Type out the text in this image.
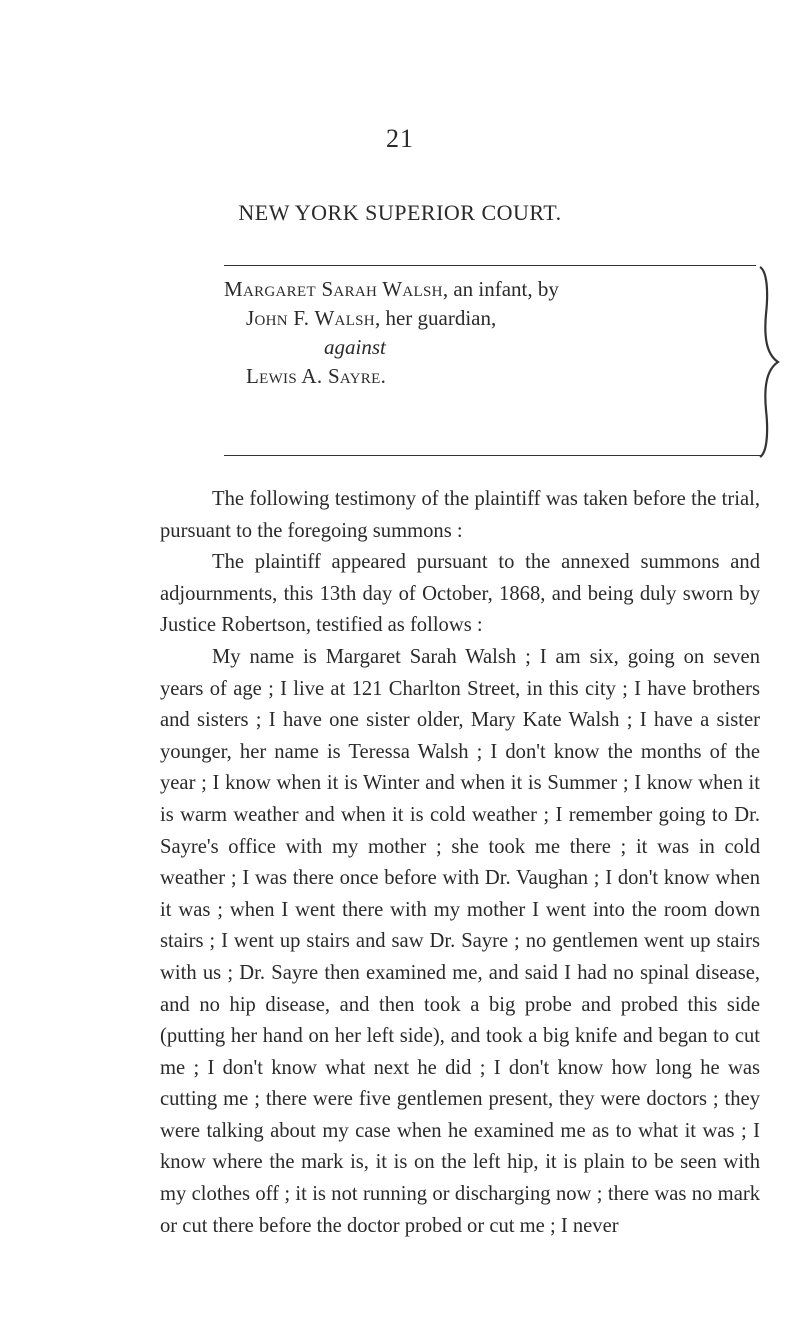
21
NEW YORK SUPERIOR COURT.
Margaret Sarah Walsh, an infant, by
John F. Walsh, her guardian,
against
Lewis A. Sayre.

The following testimony of the plaintiff was taken before the trial, pursuant to the foregoing summons :

The plaintiff appeared pursuant to the annexed summons and adjournments, this 13th day of October, 1868, and being duly sworn by Justice Robertson, testified as follows :

My name is Margaret Sarah Walsh ; I am six, going on seven years of age ; I live at 121 Charlton Street, in this city ; I have brothers and sisters ; I have one sister older, Mary Kate Walsh ; I have a sister younger, her name is Teressa Walsh ; I don't know the months of the year ; I know when it is Winter and when it is Summer ; I know when it is warm weather and when it is cold weather ; I remember going to Dr. Sayre's office with my mother ; she took me there ; it was in cold weather ; I was there once before with Dr. Vaughan ; I don't know when it was ; when I went there with my mother I went into the room down stairs ; I went up stairs and saw Dr. Sayre ; no gentlemen went up stairs with us ; Dr. Sayre then examined me, and said I had no spinal disease, and no hip disease, and then took a big probe and probed this side (putting her hand on her left side), and took a big knife and began to cut me ; I don't know what next he did ; I don't know how long he was cutting me ; there were five gentlemen present, they were doctors ; they were talking about my case when he examined me as to what it was ; I know where the mark is, it is on the left hip, it is plain to be seen with my clothes off ; it is not running or discharging now ; there was no mark or cut there before the doctor probed or cut me ; I never
